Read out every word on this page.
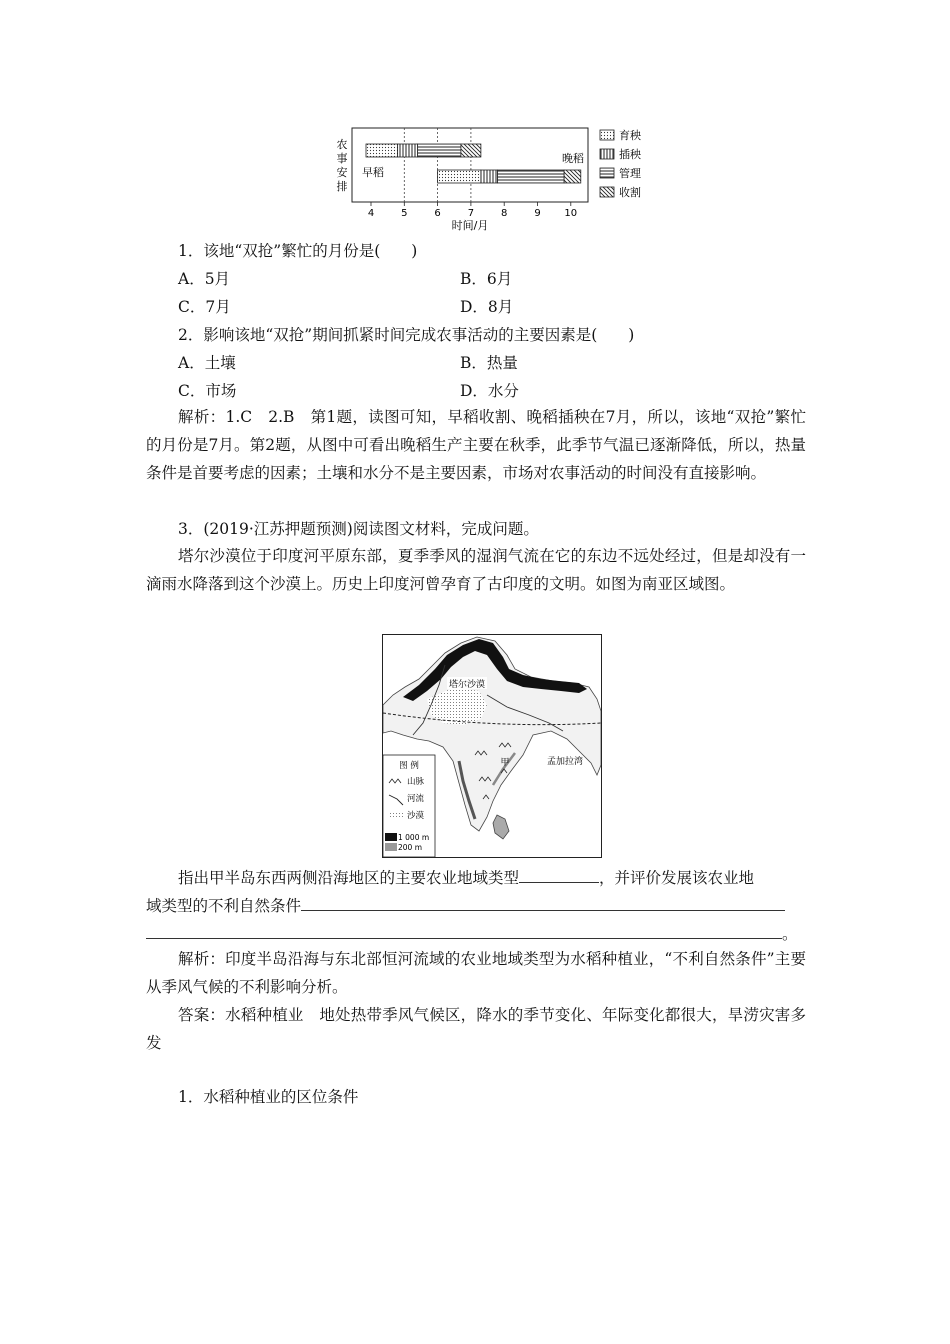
早稻
晚稻
4	5	6	7	8	9 10
农事安排
时间/月
育秧
插秧
管理
收割
1．该地“双抢”繁忙的月份是(　　)
A．5月	B．6月
C．7月	D．8月
2．影响该地“双抢”期间抓紧时间完成农事活动的主要因素是(　　)
A．土壤	B．热量
C．市场	D．水分
解析：1.C　2.B　第1题，读图可知，早稻收割、晚稻插秧在7月，所以，该地“双抢”繁忙的月份是7月。第2题，从图中可看出晚稻生产主要在秋季，此季节气温已逐渐降低，所以，热量条件是首要考虑的因素；土壤和水分不是主要因素，市场对农事活动的时间没有直接影响。
3．(2019·江苏押题预测)阅读图文材料，完成问题。
塔尔沙漠位于印度河平原东部，夏季季风的湿润气流在它的东边不远处经过，但是却没有一滴雨水降落到这个沙漠上。历史上印度河曾孕育了古印度的文明。如图为南亚区域图。
塔尔沙漠
孟加拉湾
甲
图 例
山脉
河流
沙漠
1 000 m
200 m
指出甲半岛东西两侧沿海地区的主要农业地域类型	，并评价发展该农业地
域类型的不利自然条件
。
解析：印度半岛沿海与东北部恒河流域的农业地域类型为水稻种植业，“不利自然条件”主要从季风气候的不利影响分析。
答案：水稻种植业　地处热带季风气候区，降水的季节变化、年际变化都很大，旱涝灾害多发
1．水稻种植业的区位条件
